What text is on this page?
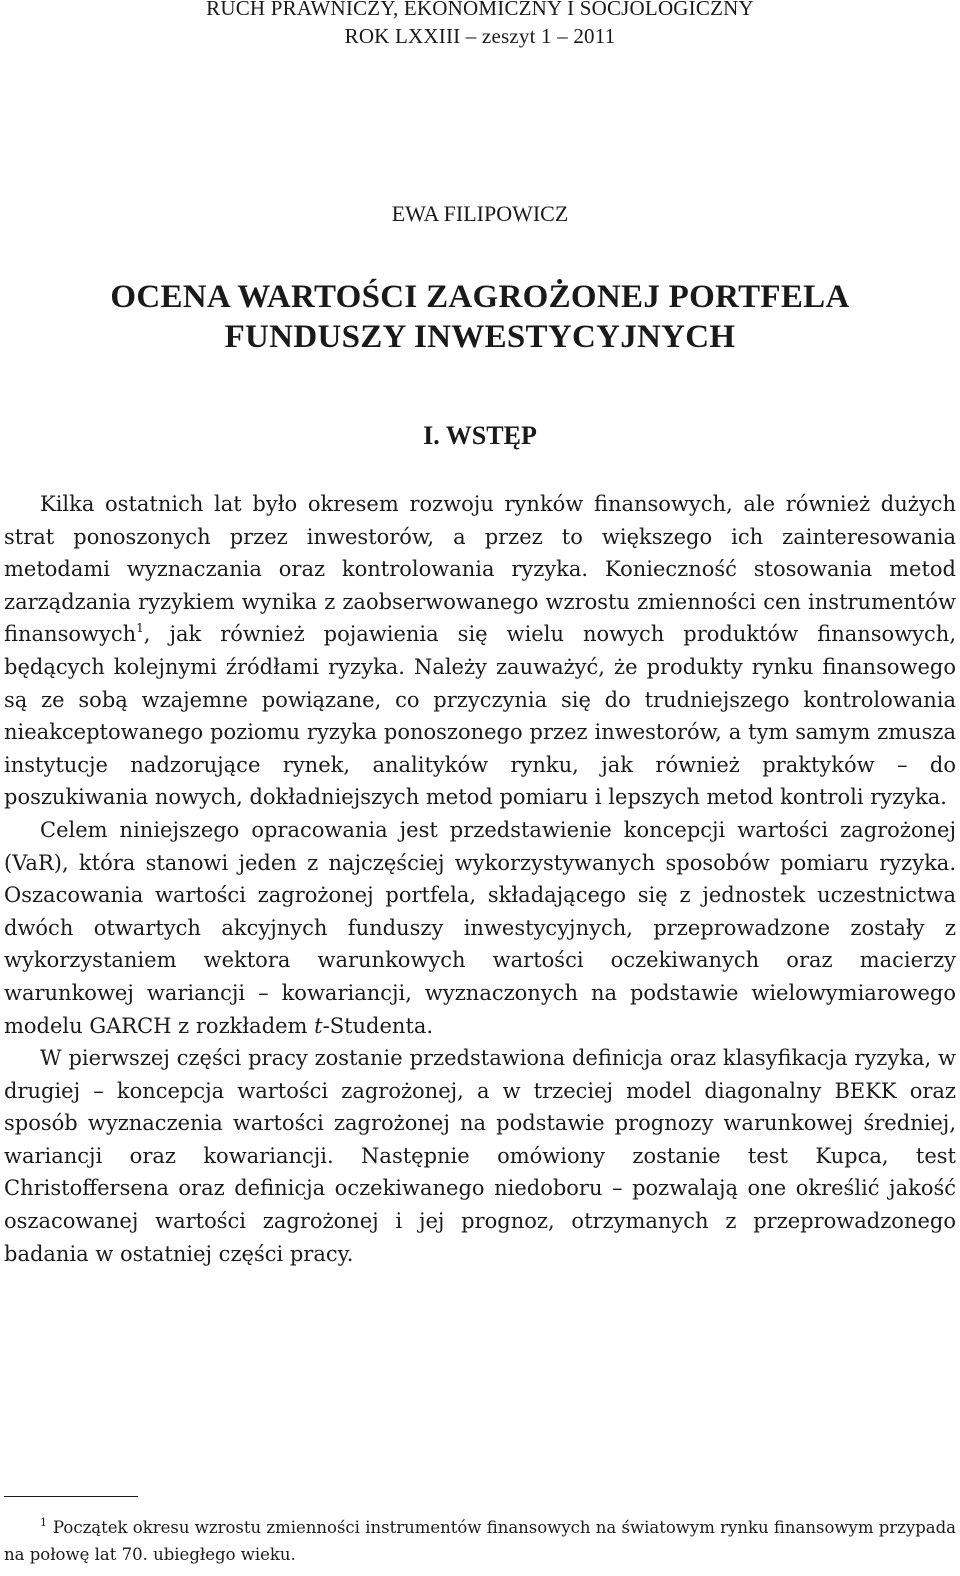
RUCH PRAWNICZY, EKONOMICZNY I SOCJOLOGICZNY
ROK LXXIII – zeszyt 1 – 2011
EWA FILIPOWICZ
OCENA WARTOŚCI ZAGROŻONEJ PORTFELA
FUNDUSZY INWESTYCYJNYCH
I. WSTĘP

Kilka ostatnich lat było okresem rozwoju rynków finansowych, ale również dużych strat ponoszonych przez inwestorów, a przez to większego ich zainteresowania metodami wyznaczania oraz kontrolowania ryzyka. Konieczność stosowania metod zarządzania ryzykiem wynika z zaobserwowanego wzrostu zmienności cen instrumentów finansowych$^1$, jak również pojawienia się wielu nowych produktów finansowych, będących kolejnymi źródłami ryzyka. Należy zauważyć, że produkty rynku finansowego są ze sobą wzajemne powiązane, co przyczynia się do trudniejszego kontrolowania nieakceptowanego poziomu ryzyka ponoszonego przez inwestorów, a tym samym zmusza instytucje nadzorujące rynek, analityków rynku, jak również praktyków – do poszukiwania nowych, dokładniejszych metod pomiaru i lepszych metod kontroli ryzyka.

Celem niniejszego opracowania jest przedstawienie koncepcji wartości zagrożonej (VaR), która stanowi jeden z najczęściej wykorzystywanych sposobów pomiaru ryzyka. Oszacowania wartości zagrożonej portfela, składającego się z jednostek uczestnictwa dwóch otwartych akcyjnych funduszy inwestycyjnych, przeprowadzone zostały z wykorzystaniem wektora warunkowych wartości oczekiwanych oraz macierzy warunkowej wariancji – kowariancji, wyznaczonych na podstawie wielowymiarowego modelu GARCH z rozkładem t-Studenta.

W pierwszej części pracy zostanie przedstawiona definicja oraz klasyfikacja ryzyka, w drugiej – koncepcja wartości zagrożonej, a w trzeciej model diagonalny BEKK oraz sposób wyznaczenia wartości zagrożonej na podstawie prognozy warunkowej średniej, wariancji oraz kowariancji. Następnie omówiony zostanie test Kupca, test Christoffersena oraz definicja oczekiwanego niedoboru – pozwalają one określić jakość oszacowanej wartości zagrożonej i jej prognoz, otrzymanych z przeprowadzonego badania w ostatniej części pracy.

$^1$ Początek okresu wzrostu zmienności instrumentów finansowych na światowym rynku finansowym przypada na połowę lat 70. ubiegłego wieku.
